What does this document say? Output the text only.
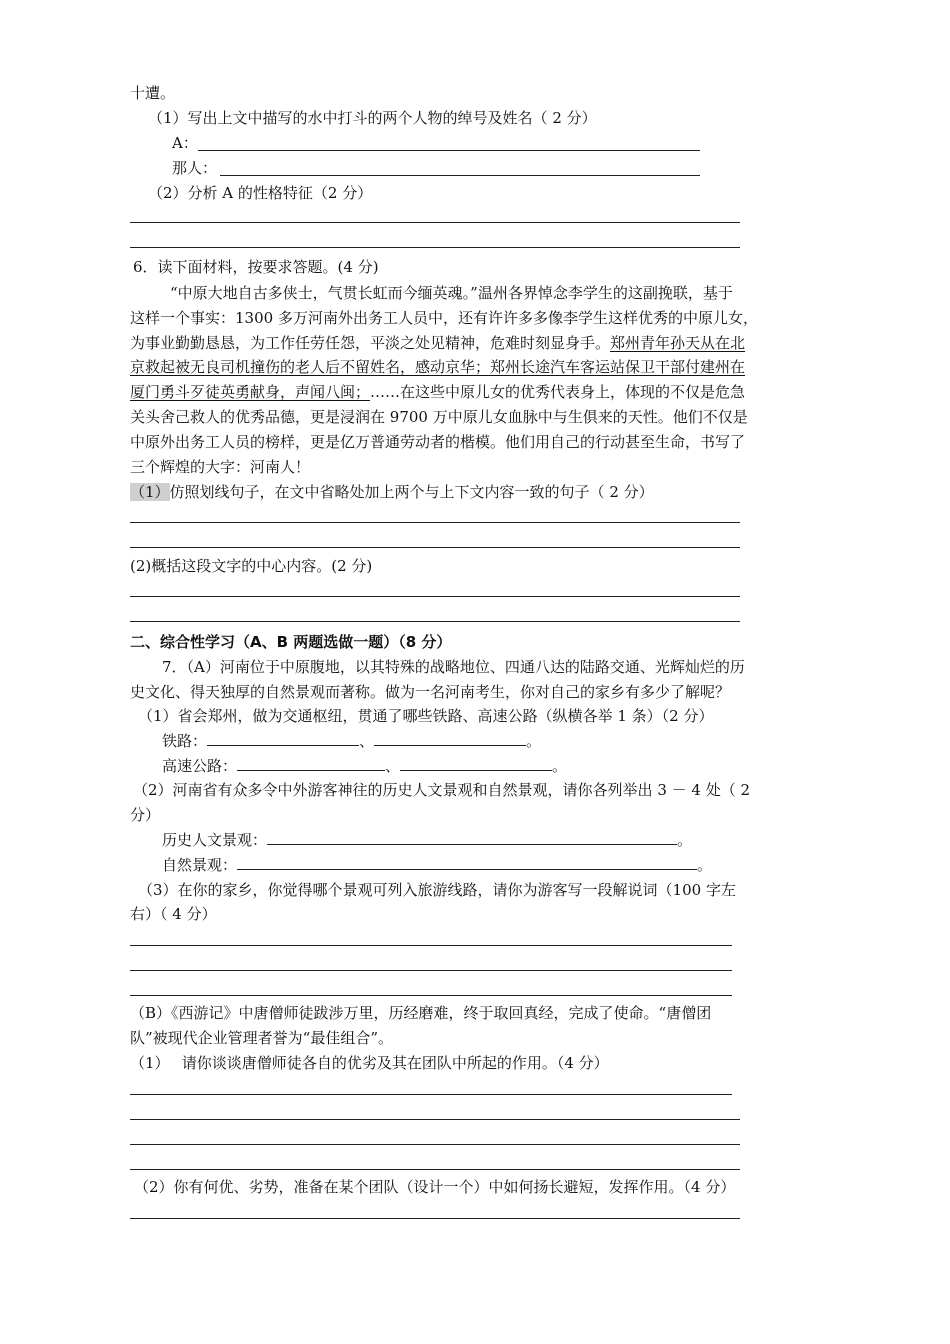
十遭。
（1）写出上文中描写的水中打斗的两个人物的绰号及姓名（ 2 分）
A：
那人：
（2）分析 A 的性格特征（2 分）
6．读下面材料，按要求答题。(4 分)
“中原大地自古多侠士，气贯长虹而今缅英魂。”温州各界悼念李学生的这副挽联，基于
这样一个事实：1300 多万河南外出务工人员中，还有许许多多像李学生这样优秀的中原儿女，
为事业勤勤恳恳，为工作任劳任怨，平淡之处见精神，危难时刻显身手。郑州青年孙天从在北
京救起被无良司机撞伤的老人后不留姓名，感动京华；郑州长途汽车客运站保卫干部付建州在
厦门勇斗歹徒英勇献身，声闻八闽；……在这些中原儿女的优秀代表身上，体现的不仅是危急
关头舍己救人的优秀品德，更是浸润在 9700 万中原儿女血脉中与生俱来的天性。他们不仅是
中原外出务工人员的榜样，更是亿万普通劳动者的楷模。他们用自己的行动甚至生命，书写了
三个辉煌的大字：河南人！
（1）仿照划线句子，在文中省略处加上两个与上下文内容一致的句子（ 2 分）
(2)概括这段文字的中心内容。(2 分)
二、综合性学习（A、B 两题选做一题）（8 分）
7．（A）河南位于中原腹地，以其特殊的战略地位、四通八达的陆路交通、光辉灿烂的历
史文化、得天独厚的自然景观而著称。做为一名河南考生，你对自己的家乡有多少了解呢？
（1）省会郑州，做为交通枢纽，贯通了哪些铁路、高速公路（纵横各举 1 条）（2 分）
铁路：	、	。
高速公路：	、	。
（2）河南省有众多令中外游客神往的历史人文景观和自然景观，请你各列举出 3 － 4 处（ 2
分）
历史人文景观：	。
自然景观：	。
（3）在你的家乡，你觉得哪个景观可列入旅游线路，请你为游客写一段解说词（100 字左
右）（ 4 分）
（B）《西游记》中唐僧师徒跋涉万里，历经磨难，终于取回真经，完成了使命。“唐僧团
队”被现代企业管理者誉为“最佳组合”。
（1）　 请你谈谈唐僧师徒各自的优劣及其在团队中所起的作用。（4 分）
（2）你有何优、劣势，准备在某个团队（设计一个）中如何扬长避短，发挥作用。（4 分）
